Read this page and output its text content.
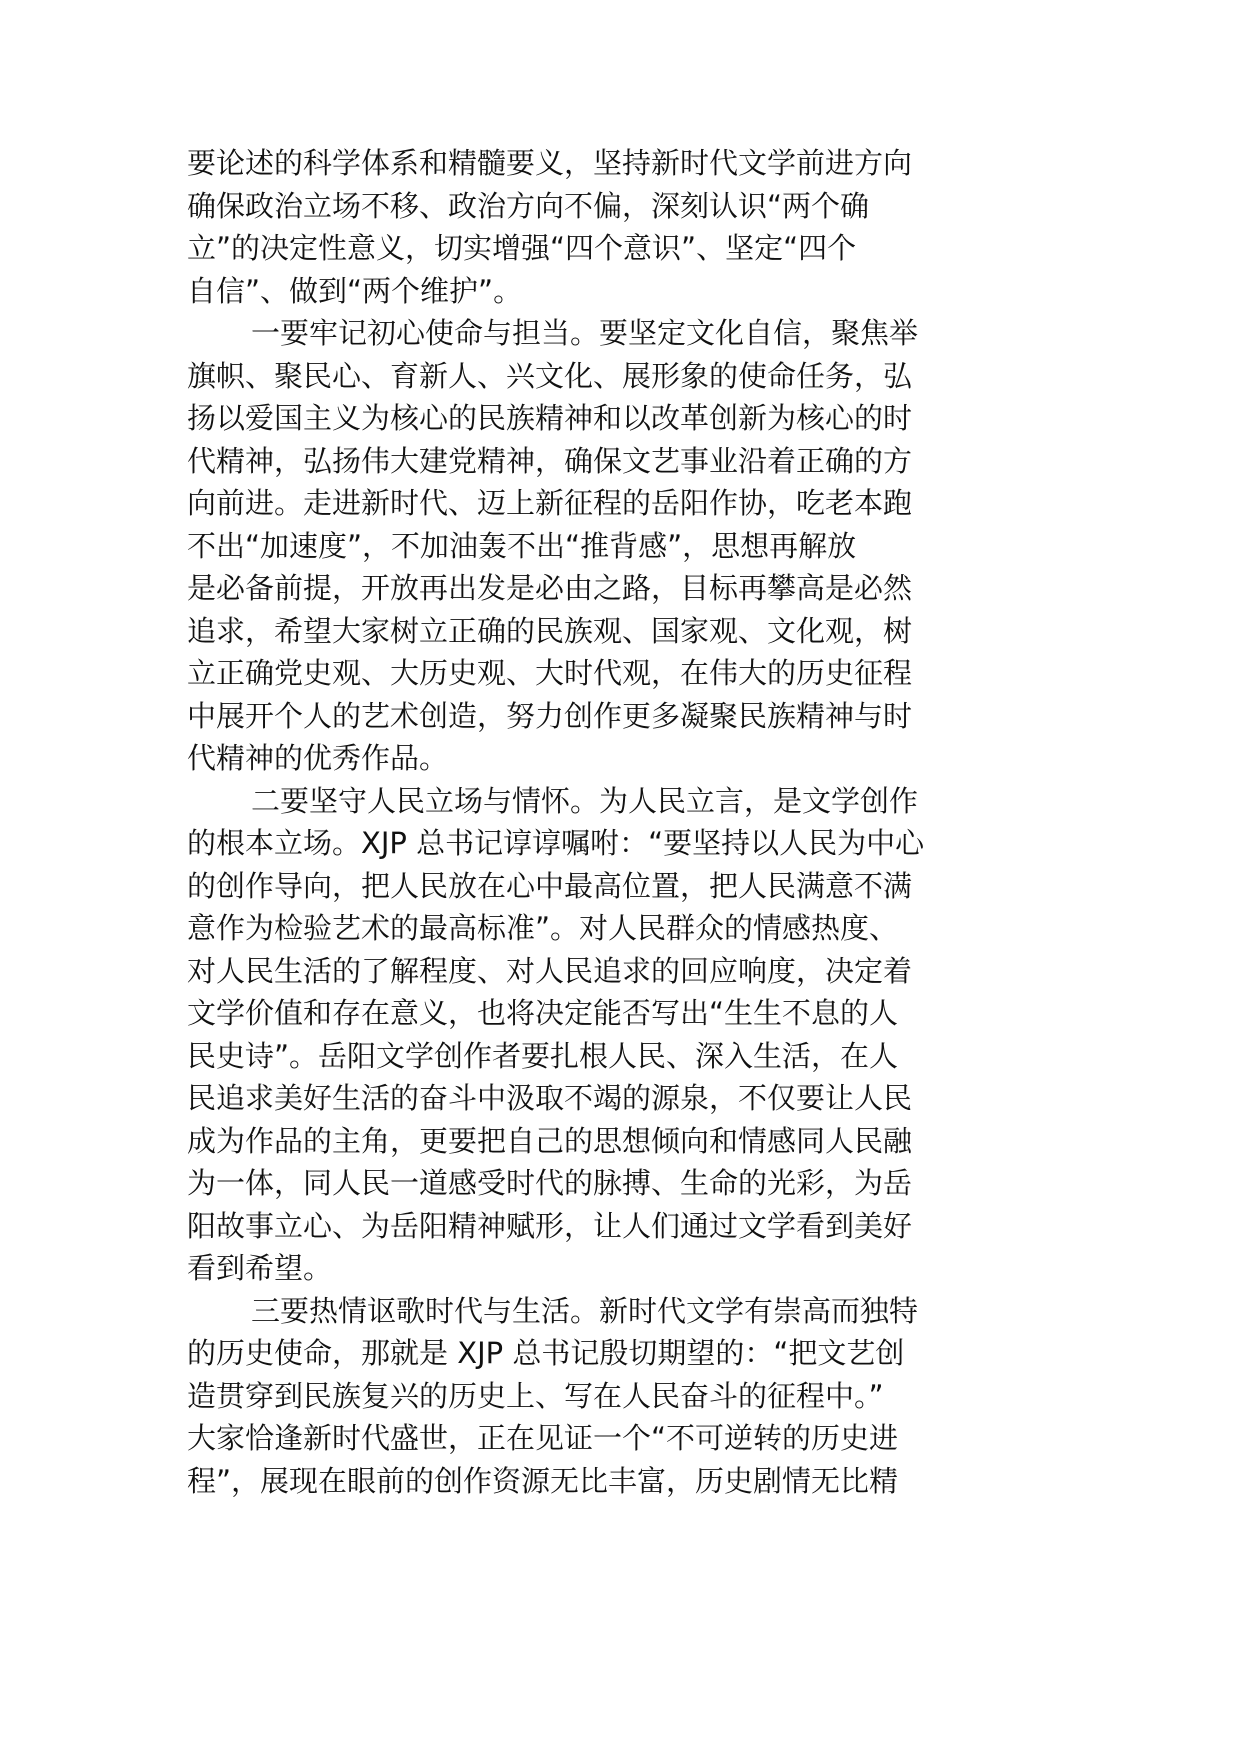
要论述的科学体系和精髓要义，坚持新时代文学前进方向
确保政治立场不移、政治方向不偏，深刻认识“两个确
立”的决定性意义，切实增强“四个意识”、坚定“四个
自信”、做到“两个维护”。
一要牢记初心使命与担当。要坚定文化自信，聚焦举
旗帜、聚民心、育新人、兴文化、展形象的使命任务，弘
扬以爱国主义为核心的民族精神和以改革创新为核心的时
代精神，弘扬伟大建党精神，确保文艺事业沿着正确的方
向前进。走进新时代、迈上新征程的岳阳作协，吃老本跑
不出“加速度”，不加油轰不出“推背感”，思想再解放
是必备前提，开放再出发是必由之路，目标再攀高是必然
追求，希望大家树立正确的民族观、国家观、文化观，树
立正确党史观、大历史观、大时代观，在伟大的历史征程
中展开个人的艺术创造，努力创作更多凝聚民族精神与时
代精神的优秀作品。
二要坚守人民立场与情怀。为人民立言，是文学创作
的根本立场。XJP 总书记谆谆嘱咐：“要坚持以人民为中心
的创作导向，把人民放在心中最高位置，把人民满意不满
意作为检验艺术的最高标准”。对人民群众的情感热度、
对人民生活的了解程度、对人民追求的回应响度，决定着
文学价值和存在意义，也将决定能否写出“生生不息的人
民史诗”。岳阳文学创作者要扎根人民、深入生活，在人
民追求美好生活的奋斗中汲取不竭的源泉，不仅要让人民
成为作品的主角，更要把自己的思想倾向和情感同人民融
为一体，同人民一道感受时代的脉搏、生命的光彩，为岳
阳故事立心、为岳阳精神赋形，让人们通过文学看到美好
看到希望。
三要热情讴歌时代与生活。新时代文学有崇高而独特
的历史使命，那就是 XJP 总书记殷切期望的：“把文艺创
造贯穿到民族复兴的历史上、写在人民奋斗的征程中。”
大家恰逢新时代盛世，正在见证一个“不可逆转的历史进
程”，展现在眼前的创作资源无比丰富，历史剧情无比精
